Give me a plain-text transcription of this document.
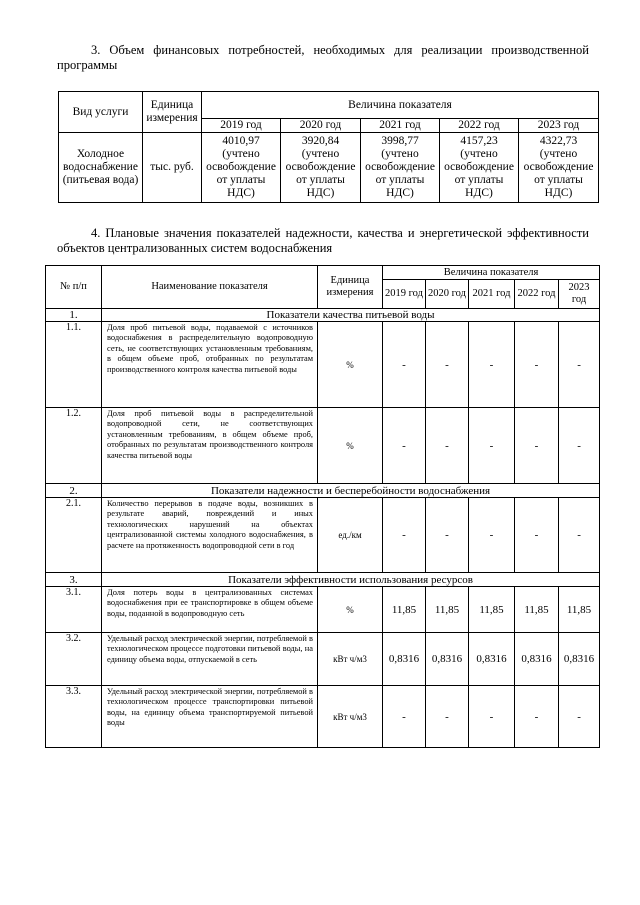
3. Объем финансовых потребностей, необходимых для реализации производственной программы
Вид услуги	Единица измерения	Величина показателя				
		2019 год	2020 год	2021 год	2022 год	2023 год
Холодное водоснабжение (питьевая вода)	тыс. руб.	4010,97 (учтено освобождение от уплаты НДС)	3920,84 (учтено освобождение от уплаты НДС)	3998,77 (учтено освобождение от уплаты НДС)	4157,23 (учтено освобождение от уплаты НДС)	4322,73 (учтено освобождение от уплаты НДС)
4. Плановые значения показателей надежности, качества и энергетической эффективности объектов централизованных систем водоснабжения
№ п/п	Наименование показателя	Единица измерения	Величина показателя				
			2019 год	2020 год	2021 год	2022 год	2023 год
1.	Показатели качества питьевой воды						
1.1.	Доля проб питьевой воды, подаваемой с источников водоснабжения в распределительную водопроводную сеть, не соответствующих установленным требованиям, в общем объеме проб, отобранных по результатам производственного контроля качества питьевой воды	%	-	-	-	-	-
1.2.	Доля проб питьевой воды в распределительной водопроводной сети, не соответствующих установленным требованиям, в общем объеме проб, отобранных по результатам производственного контроля качества питьевой воды	%	-	-	-	-	-
2.	Показатели надежности и бесперебойности водоснабжения						
2.1.	Количество перерывов в подаче воды, возникших в результате аварий, повреждений и иных технологических нарушений на объектах централизованной системы холодного водоснабжения, в расчете на протяженность водопроводной сети в год	ед./км	-	-	-	-	-
3.	Показатели эффективности использования ресурсов						
3.1.	Доля потерь воды в централизованных системах водоснабжения при ее транспортировке в общем объеме воды, поданной в водопроводную сеть	%	11,85	11,85	11,85	11,85	11,85
3.2.	Удельный расход электрической энергии, потребляемой в технологическом процессе подготовки питьевой воды, на единицу объема воды, отпускаемой в сеть	кВт ч/м3	0,8316	0,8316	0,8316	0,8316	0,8316
3.3.	Удельный расход электрической энергии, потребляемой в технологическом процессе транспортировки питьевой воды, на единицу объема транспортируемой питьевой воды	кВт ч/м3	-	-	-	-	-
